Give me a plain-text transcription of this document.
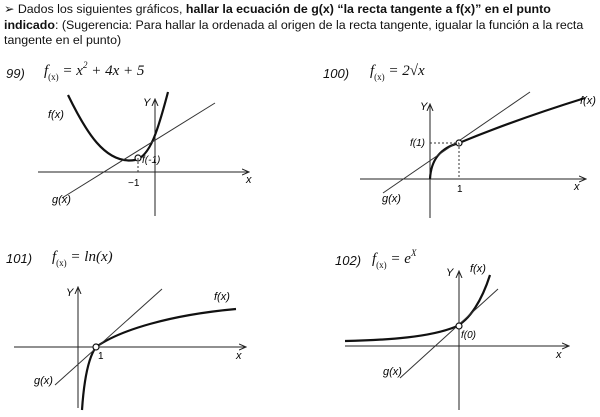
➢ Dados los siguientes gráficos, hallar la ecuación de g(x) “la recta tangente a f(x)” en el punto indicado: (Sugerencia: Para hallar la ordenada al origen de la recta tangente, igualar la función a la recta tangente en el punto)
99) $f_{(x)} = x^2 + 4x + 5$	100) $f_{(x)} = 2√x$
101) $f_{(x)} = \ln(x)$	102) $f_{(x)} = e^X$
f(x)
g(x)
Y
x
f(-1)
−1
f(x)
g(x)
Y
x
f(1)
1
f(x)
g(x)
Y
x
1
f(x)
g(x)
Y
x
f(0)
